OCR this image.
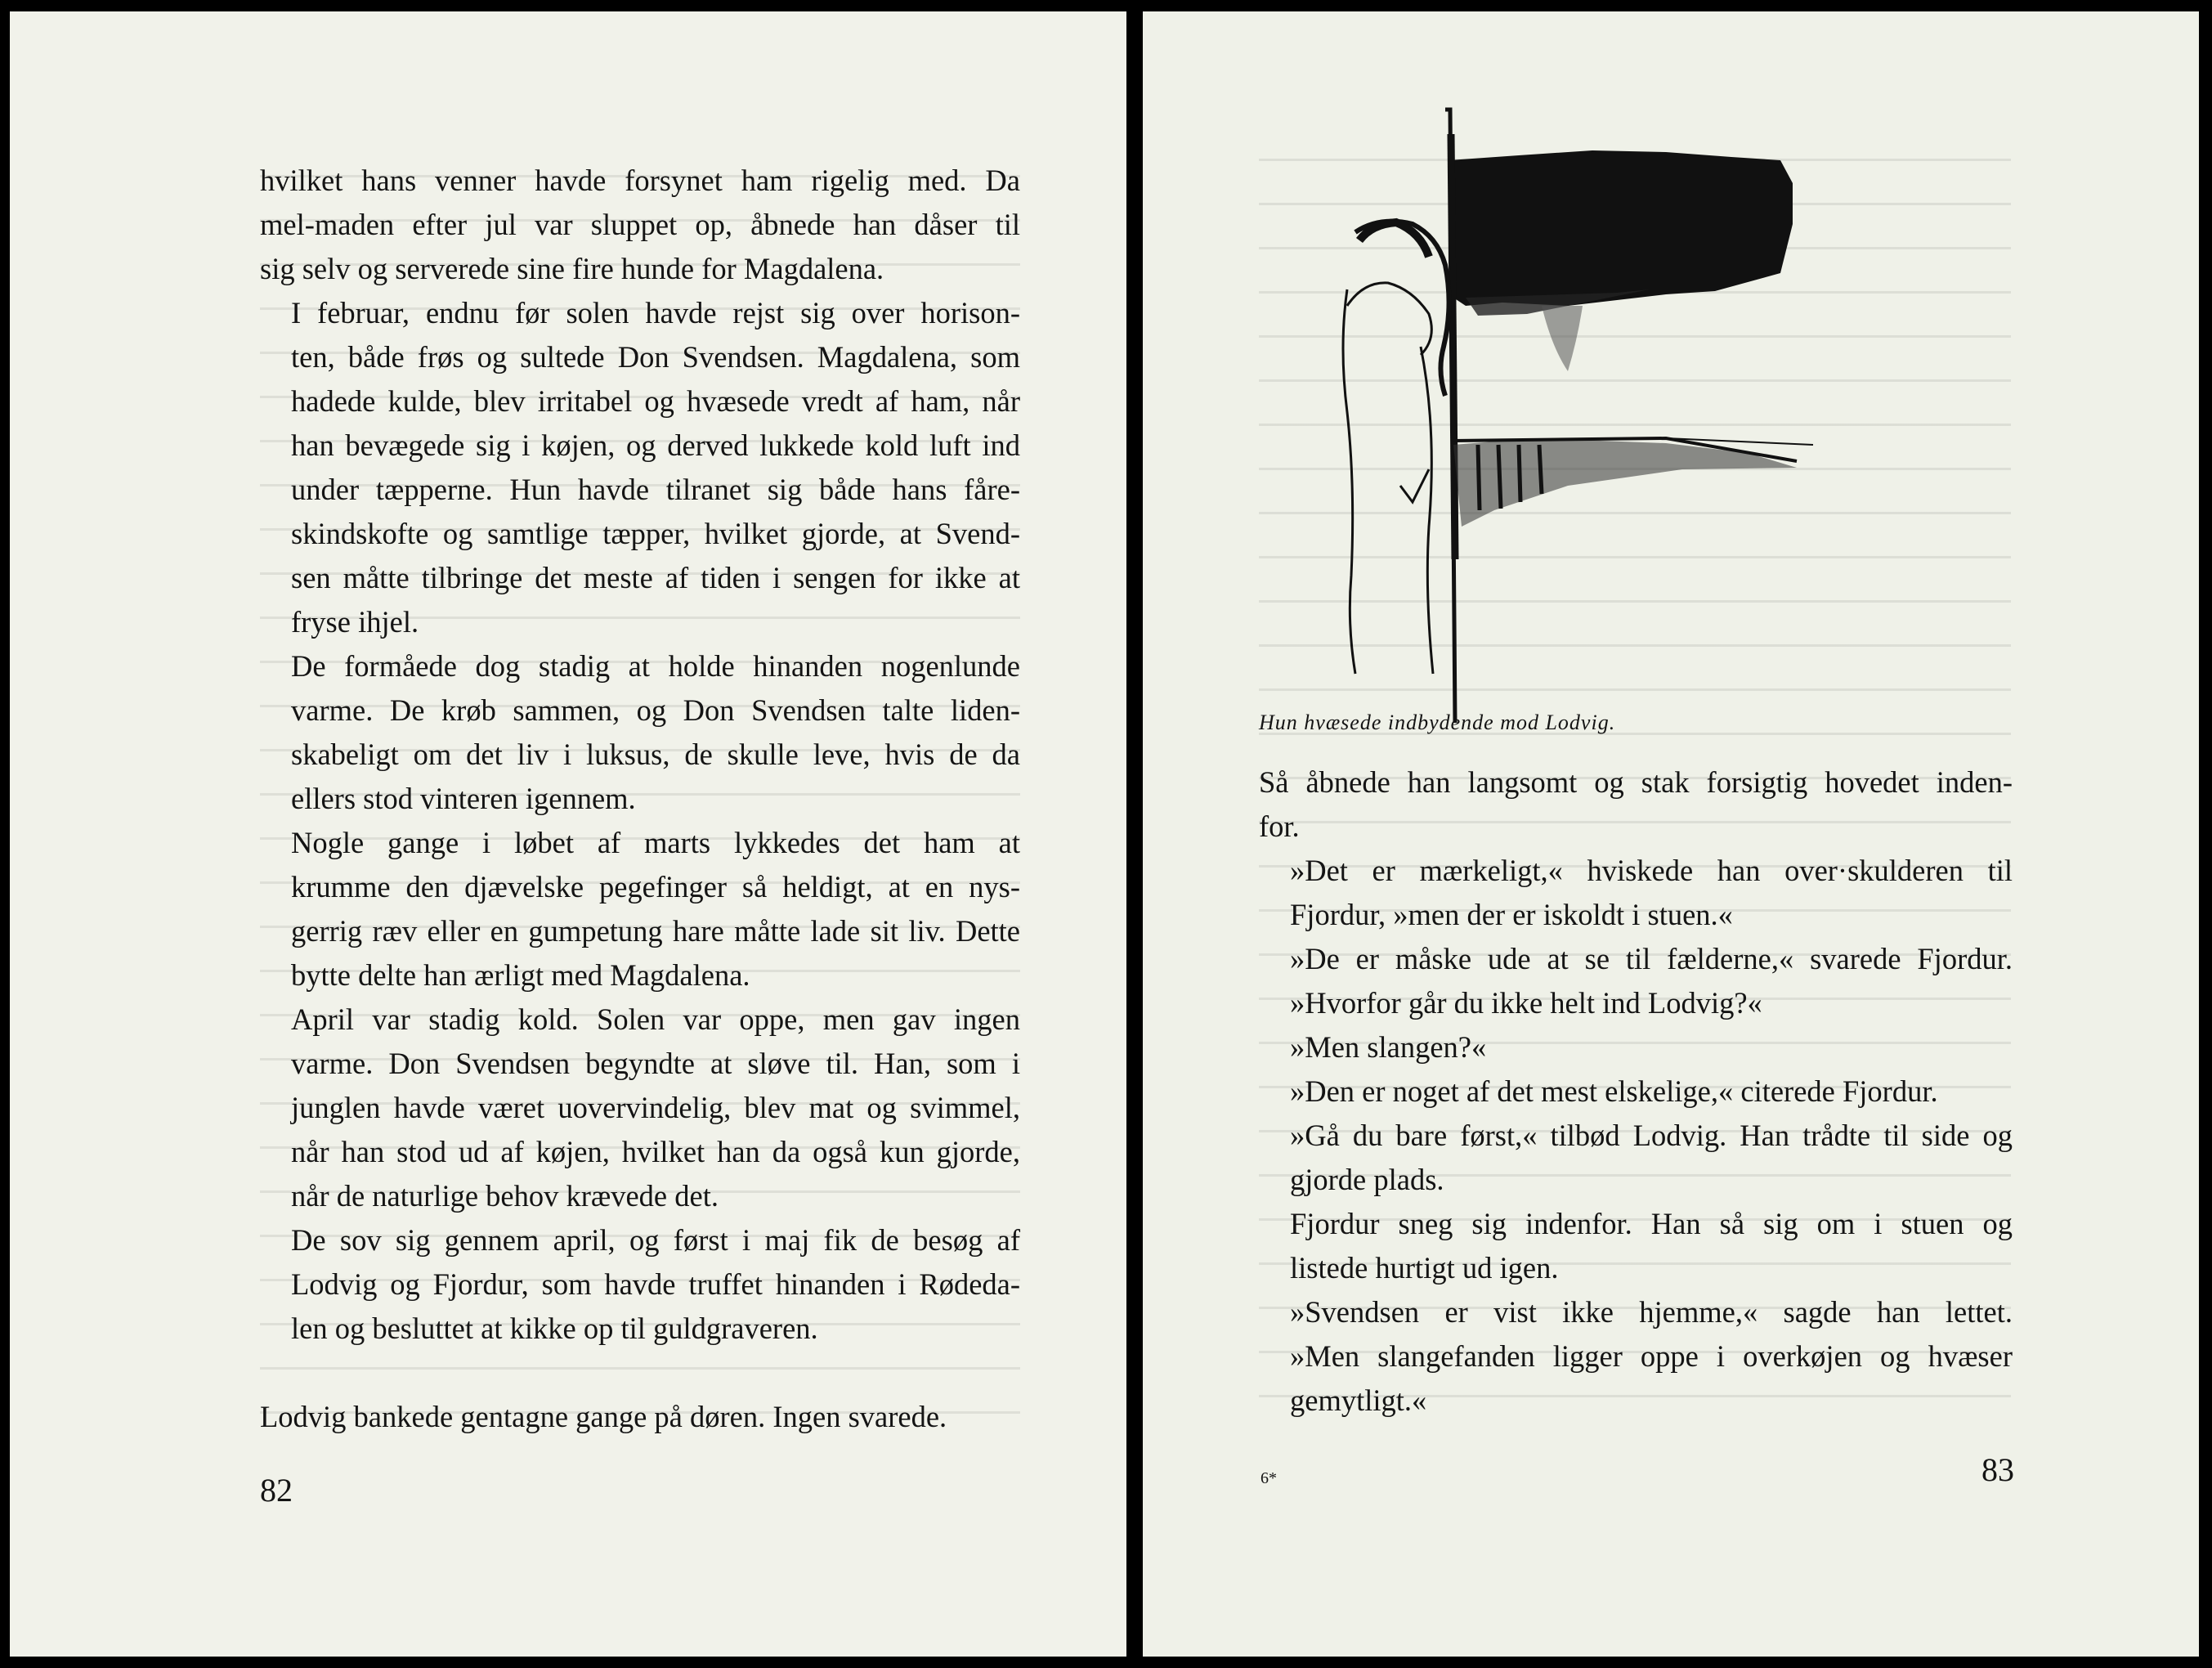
hvilket hans venner havde forsynet ham rigelig med. Da
mel-maden efter jul var sluppet op, åbnede han dåser til
sig selv og serverede sine fire hunde for Magdalena.

I februar, endnu før solen havde rejst sig over horison-
ten, både frøs og sultede Don Svendsen. Magdalena, som
hadede kulde, blev irritabel og hvæsede vredt af ham, når
han bevægede sig i køjen, og derved lukkede kold luft ind
under tæpperne. Hun havde tilranet sig både hans fåre-
skindskofte og samtlige tæpper, hvilket gjorde, at Svend-
sen måtte tilbringe det meste af tiden i sengen for ikke at
fryse ihjel.

De formåede dog stadig at holde hinanden nogenlunde
varme. De krøb sammen, og Don Svendsen talte liden-
skabeligt om det liv i luksus, de skulle leve, hvis de da
ellers stod vinteren igennem.

Nogle gange i løbet af marts lykkedes det ham at
krumme den djævelske pegefinger så heldigt, at en nys-
gerrig ræv eller en gumpetung hare måtte lade sit liv. Dette
bytte delte han ærligt med Magdalena.

April var stadig kold. Solen var oppe, men gav ingen
varme. Don Svendsen begyndte at sløve til. Han, som i
junglen havde været uovervindelig, blev mat og svimmel,
når han stod ud af køjen, hvilket han da også kun gjorde,
når de naturlige behov krævede det.

De sov sig gennem april, og først i maj fik de besøg af
Lodvig og Fjordur, som havde truffet hinanden i Rødeda-
len og besluttet at kikke op til guldgraveren.

Lodvig bankede gentagne gange på døren. Ingen svarede.

82
Hun hvæsede indbydende mod Lodvig.

Så åbnede han langsomt og stak forsigtig hovedet inden-
for.

»Det er mærkeligt,« hviskede han over·skulderen til
Fjordur, »men der er iskoldt i stuen.«

»De er måske ude at se til fælderne,« svarede Fjordur.
»Hvorfor går du ikke helt ind Lodvig?«

»Men slangen?«

»Den er noget af det mest elskelige,« citerede Fjordur.

»Gå du bare først,« tilbød Lodvig. Han trådte til side og
gjorde plads.

Fjordur sneg sig indenfor. Han så sig om i stuen og
listede hurtigt ud igen.

»Svendsen er vist ikke hjemme,« sagde han lettet.
»Men slangefanden ligger oppe i overkøjen og hvæser
gemytligt.«

6*	83
